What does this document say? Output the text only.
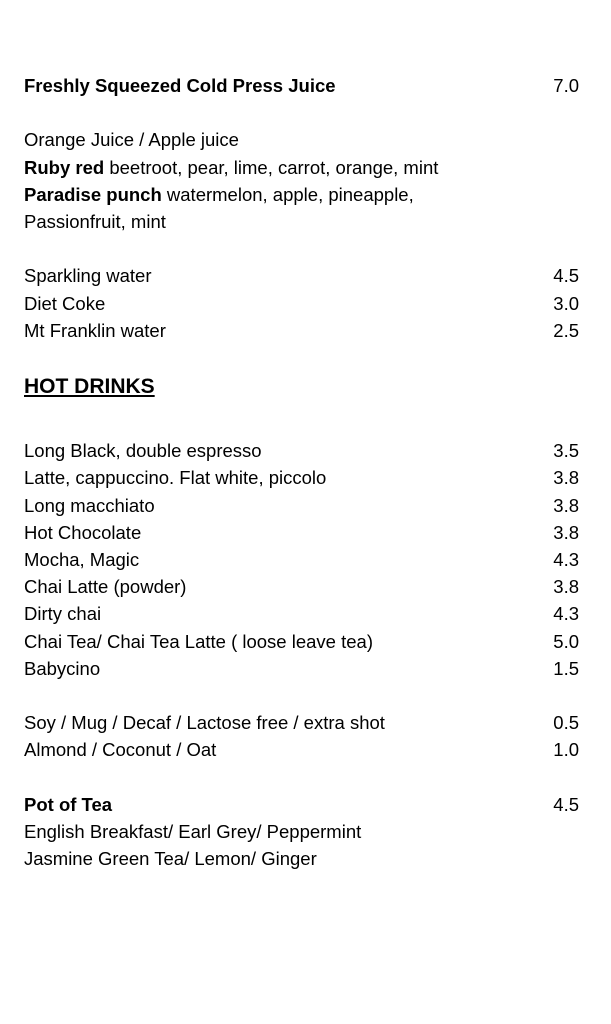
Freshly Squeezed Cold Press Juice	7.0
Orange Juice / Apple juice
Ruby red beetroot, pear, lime, carrot, orange, mint
Paradise punch watermelon, apple, pineapple,
Passionfruit, mint
Sparkling water	4.5
Diet Coke	3.0
Mt Franklin water	2.5
HOT DRINKS
Long Black, double espresso	3.5
Latte, cappuccino. Flat white, piccolo	3.8
Long macchiato	3.8
Hot Chocolate	3.8
Mocha, Magic	4.3
Chai Latte (powder)	3.8
Dirty chai	4.3
Chai Tea/ Chai Tea Latte ( loose leave tea)	5.0
Babycino	1.5
Soy / Mug / Decaf / Lactose free / extra shot	0.5
Almond / Coconut / Oat	1.0
Pot of Tea	4.5
English Breakfast/ Earl Grey/ Peppermint
Jasmine Green Tea/ Lemon/ Ginger
